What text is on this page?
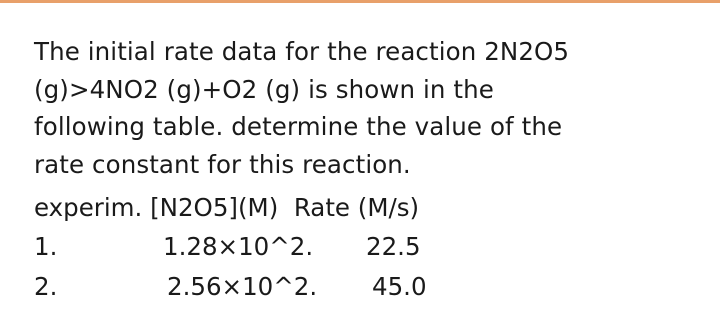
The initial rate data for the reaction 2N2O5
(g)>4NO2 (g)+O2 (g) is shown in the
following table. determine the value of the
rate constant for this reaction.
experim. [N2O5](M)  Rate (M/s)
1.	1.28×10^2. 22.5
2.	2.56×10^2. 45.0
